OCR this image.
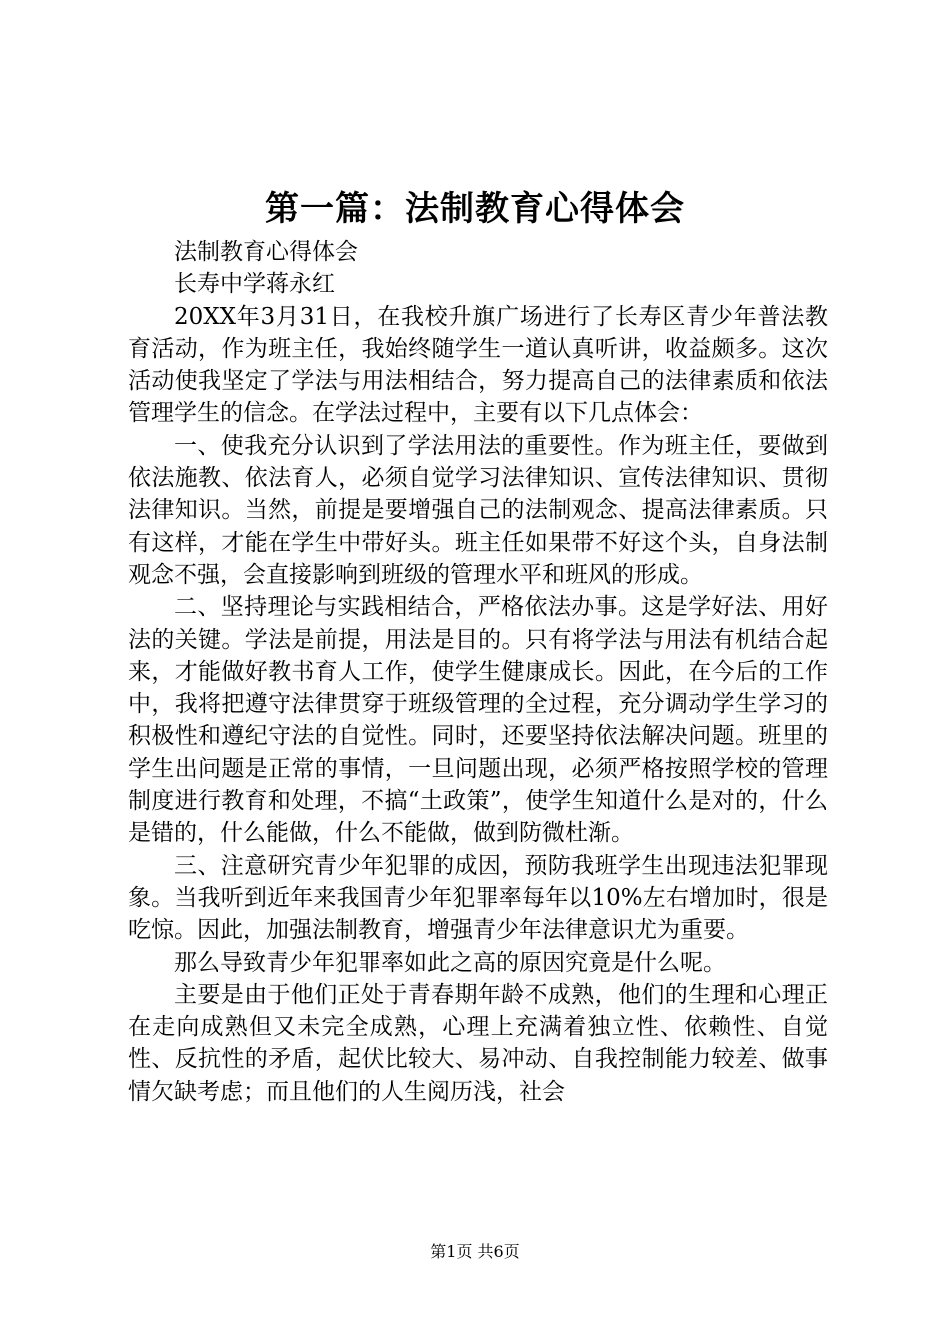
第一篇：法制教育心得体会

法制教育心得体会

长寿中学蒋永红

20XX年3月31日，在我校升旗广场进行了长寿区青少年普法教育活动，作为班主任，我始终随学生一道认真听讲，收益颇多。这次活动使我坚定了学法与用法相结合，努力提高自己的法律素质和依法管理学生的信念。在学法过程中，主要有以下几点体会：

一、使我充分认识到了学法用法的重要性。作为班主任，要做到依法施教、依法育人，必须自觉学习法律知识、宣传法律知识、贯彻法律知识。当然，前提是要增强自己的法制观念、提高法律素质。只有这样，才能在学生中带好头。班主任如果带不好这个头，自身法制观念不强，会直接影响到班级的管理水平和班风的形成。

二、坚持理论与实践相结合，严格依法办事。这是学好法、用好法的关键。学法是前提，用法是目的。只有将学法与用法有机结合起来，才能做好教书育人工作，使学生健康成长。因此，在今后的工作中，我将把遵守法律贯穿于班级管理的全过程，充分调动学生学习的积极性和遵纪守法的自觉性。同时，还要坚持依法解决问题。班里的学生出问题是正常的事情，一旦问题出现，必须严格按照学校的管理制度进行教育和处理，不搞“土政策”，使学生知道什么是对的，什么是错的，什么能做，什么不能做，做到防微杜渐。

三、注意研究青少年犯罪的成因，预防我班学生出现违法犯罪现象。当我听到近年来我国青少年犯罪率每年以10%左右增加时，很是吃惊。因此，加强法制教育，增强青少年法律意识尤为重要。

那么导致青少年犯罪率如此之高的原因究竟是什么呢。

主要是由于他们正处于青春期年龄不成熟，他们的生理和心理正在走向成熟但又未完全成熟，心理上充满着独立性、依赖性、自觉性、反抗性的矛盾，起伏比较大、易冲动、自我控制能力较差、做事情欠缺考虑；而且他们的人生阅历浅，社会

第1页 共6页
